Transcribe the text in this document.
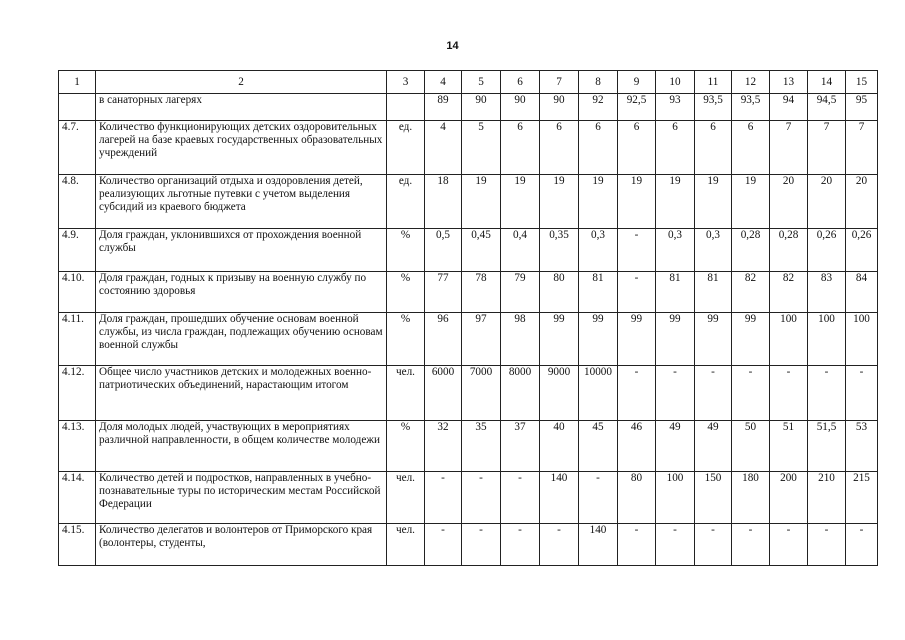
14
1	2	3	4	5	6	7	8	9	10	11	12	13	14	15
	в санаторных лагерях		89	90	90	90	92	92,5	93	93,5	93,5	94	94,5	95
4.7.	Количество функционирующих детских оздоровительных лагерей на базе краевых государственных образовательных учреждений	ед.	4	5	6	6	6	6	6	6	6	7	7	7
4.8.	Количество организаций отдыха и оздоровления детей, реализующих льготные путевки с учетом выделения субсидий из краевого бюджета	ед.	18	19	19	19	19	19	19	19	19	20	20	20
4.9.	Доля граждан, уклонившихся от прохождения военной службы	%	0,5	0,45	0,4	0,35	0,3	-	0,3	0,3	0,28	0,28	0,26	0,26
4.10.	Доля граждан, годных к призыву на военную службу по состоянию здоровья	%	77	78	79	80	81	-	81	81	82	82	83	84
4.11.	Доля граждан, прошедших обучение основам военной службы, из числа граждан, подлежащих обучению основам военной службы	%	96	97	98	99	99	99	99	99	99	100	100	100
4.12.	Общее число участников детских и молодежных военно-патриотических объединений, нарастающим итогом	чел.	6000	7000	8000	9000	10000	-	-	-	-	-	-	-
4.13.	Доля молодых людей, участвующих в мероприятиях различной направленности, в общем количестве молодежи	%	32	35	37	40	45	46	49	49	50	51	51,5	53
4.14.	Количество детей и подростков, направленных в учебно-познавательные туры по историческим местам Российской Федерации	чел.	-	-	-	140	-	80	100	150	180	200	210	215
4.15.	Количество делегатов и волонтеров от Приморского края (волонтеры, студенты,	чел.	-	-	-	-	140	-	-	-	-	-	-	-
